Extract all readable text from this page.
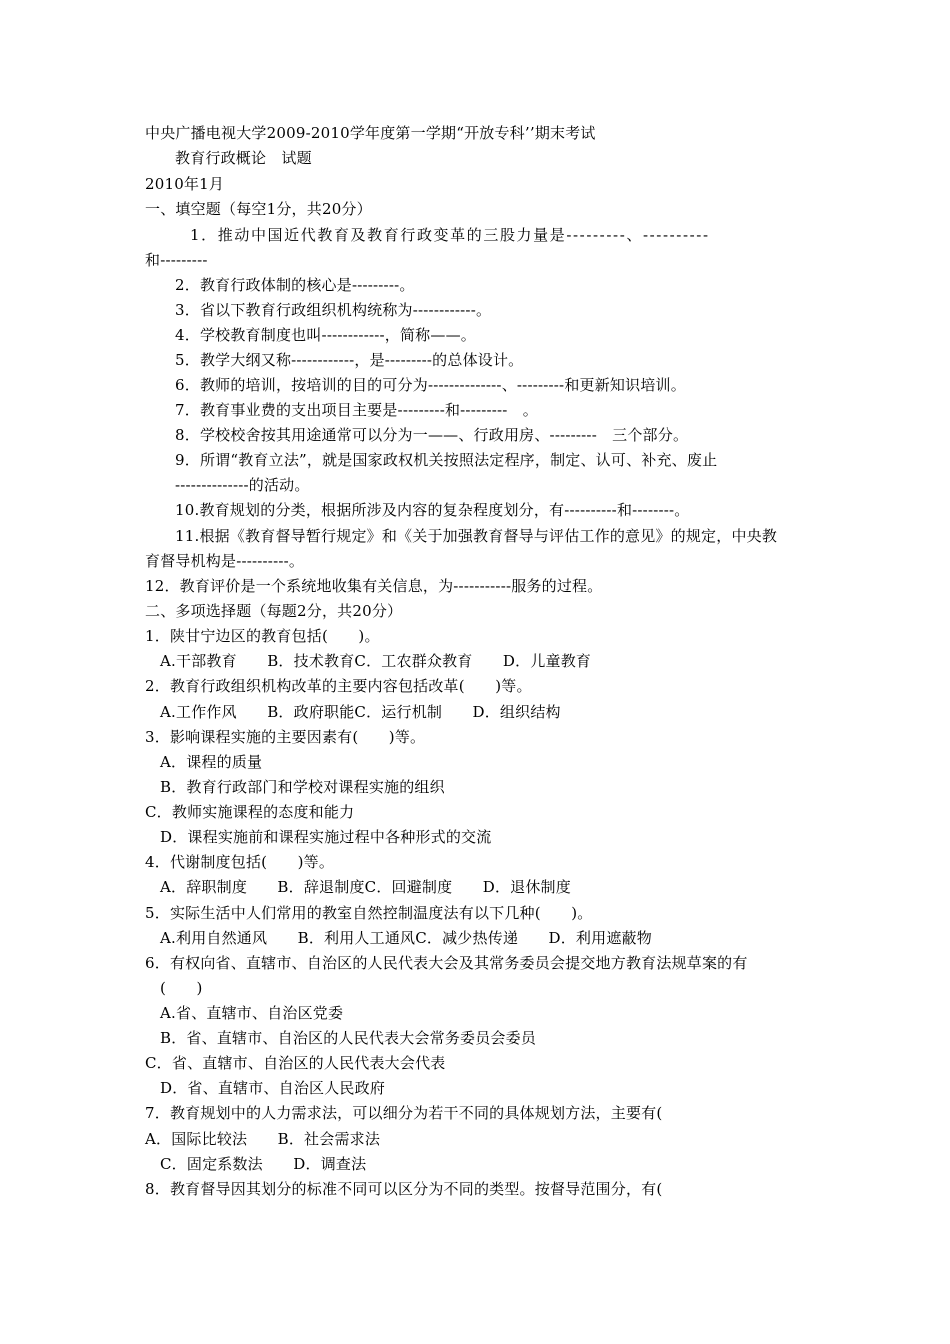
中央广播电视大学2009-2010学年度第一学期“开放专科’’期末考试
教育行政概论　试题
2010年1月
一、填空题（每空1分，共20分）
1．推动中国近代教育及教育行政变革的三股力量是---------、----------
和---------
2．教育行政体制的核心是---------。
3．省以下教育行政组织机构统称为------------。
4．学校教育制度也叫------------，简称——。
5．教学大纲又称------------，是---------的总体设计。
6．教师的培训，按培训的目的可分为--------------、---------和更新知识培训。
7．教育事业费的支出项目主要是---------和---------　。
8．学校校舍按其用途通常可以分为一——、行政用房、---------　三个部分。
9．所谓“教育立法”，就是国家政权机关按照法定程序，制定、认可、补充、废止
--------------的活动。
10.教育规划的分类，根据所涉及内容的复杂程度划分，有----------和--------。
11.根据《教育督导暂行规定》和《关于加强教育督导与评估工作的意见》的规定，中央教
育督导机构是----------。
12．教育评价是一个系统地收集有关信息，为-----------服务的过程。
二、多项选择题（每题2分，共20分）
1．陕甘宁边区的教育包括(　　)。
A.干部教育　　B．技术教育C．工农群众教育　　D．儿童教育
2．教育行政组织机构改革的主要内容包括改革(　　)等。
A.工作作风　　B．政府职能C．运行机制　　D．组织结构
3．影响课程实施的主要因素有(　　)等。
A．课程的质量
B．教育行政部门和学校对课程实施的组织
C．教师实施课程的态度和能力
D．课程实施前和课程实施过程中各种形式的交流
4．代谢制度包括(　　)等。
A．辞职制度　　B．辞退制度C．回避制度　　D．退休制度
5．实际生活中人们常用的教室自然控制温度法有以下几种(　　)。
A.利用自然通风　　B．利用人工通风C．减少热传递　　D．利用遮蔽物
6．有权向省、直辖市、自治区的人民代表大会及其常务委员会提交地方教育法规草案的有
(　　)
A.省、直辖市、自治区党委
B．省、直辖市、自治区的人民代表大会常务委员会委员
C．省、直辖市、自治区的人民代表大会代表
D．省、直辖市、自治区人民政府
7．教育规划中的人力需求法，可以细分为若干不同的具体规划方法，主要有(
A．国际比较法　　B．社会需求法
C．固定系数法　　D．调查法
8．教育督导因其划分的标准不同可以区分为不同的类型。按督导范围分，有(
